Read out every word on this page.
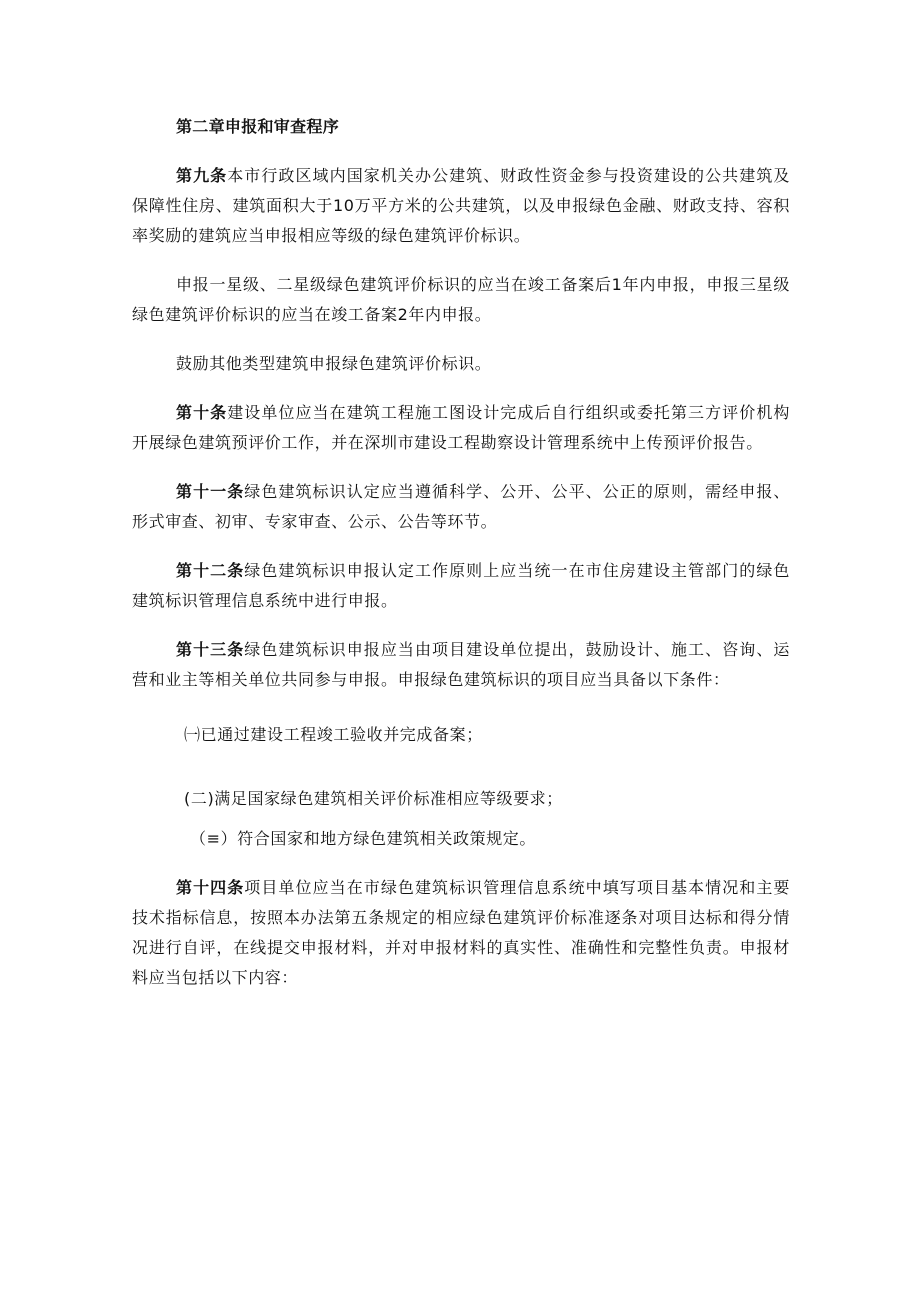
第二章申报和审查程序

第九条本市行政区域内国家机关办公建筑、财政性资金参与投资建设的公共建筑及保障性住房、建筑面积大于10万平方米的公共建筑，以及申报绿色金融、财政支持、容积率奖励的建筑应当申报相应等级的绿色建筑评价标识。

申报一星级、二星级绿色建筑评价标识的应当在竣工备案后1年内申报，申报三星级绿色建筑评价标识的应当在竣工备案2年内申报。

鼓励其他类型建筑申报绿色建筑评价标识。

第十条建设单位应当在建筑工程施工图设计完成后自行组织或委托第三方评价机构开展绿色建筑预评价工作，并在深圳市建设工程勘察设计管理系统中上传预评价报告。

第十一条绿色建筑标识认定应当遵循科学、公开、公平、公正的原则，需经申报、形式审查、初审、专家审查、公示、公告等环节。

第十二条绿色建筑标识申报认定工作原则上应当统一在市住房建设主管部门的绿色建筑标识管理信息系统中进行申报。

第十三条绿色建筑标识申报应当由项目建设单位提出，鼓励设计、施工、咨询、运营和业主等相关单位共同参与申报。申报绿色建筑标识的项目应当具备以下条件：

㈠已通过建设工程竣工验收并完成备案；

(二)满足国家绿色建筑相关评价标准相应等级要求；

（≡）符合国家和地方绿色建筑相关政策规定。

第十四条项目单位应当在市绿色建筑标识管理信息系统中填写项目基本情况和主要技术指标信息，按照本办法第五条规定的相应绿色建筑评价标准逐条对项目达标和得分情况进行自评，在线提交申报材料，并对申报材料的真实性、准确性和完整性负责。申报材料应当包括以下内容：
